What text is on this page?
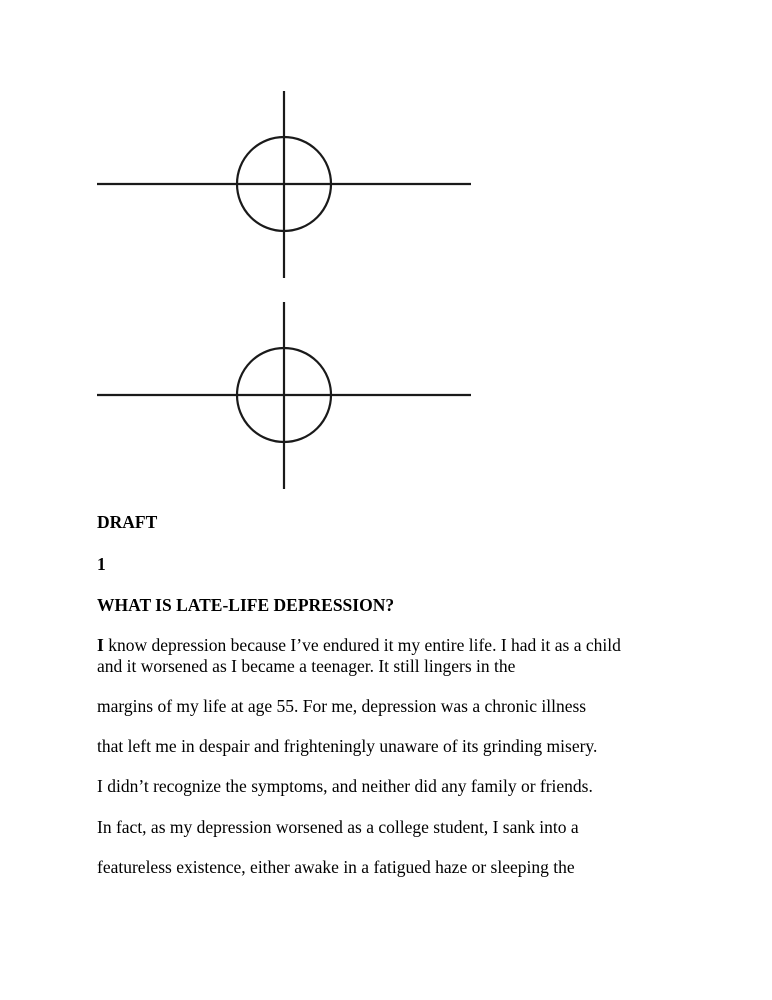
DRAFT
1
WHAT IS LATE-LIFE DEPRESSION?
I know depression because I’ve endured it my entire life. I had it as a child
and it worsened as I became a teenager. It still lingers in the
margins of my life at age 55. For me, depression was a chronic illness
that left me in despair and frighteningly unaware of its grinding misery.
I didn’t recognize the symptoms, and neither did any family or friends.
In fact, as my depression worsened as a college student, I sank into a
featureless existence, either awake in a fatigued haze or sleeping the
